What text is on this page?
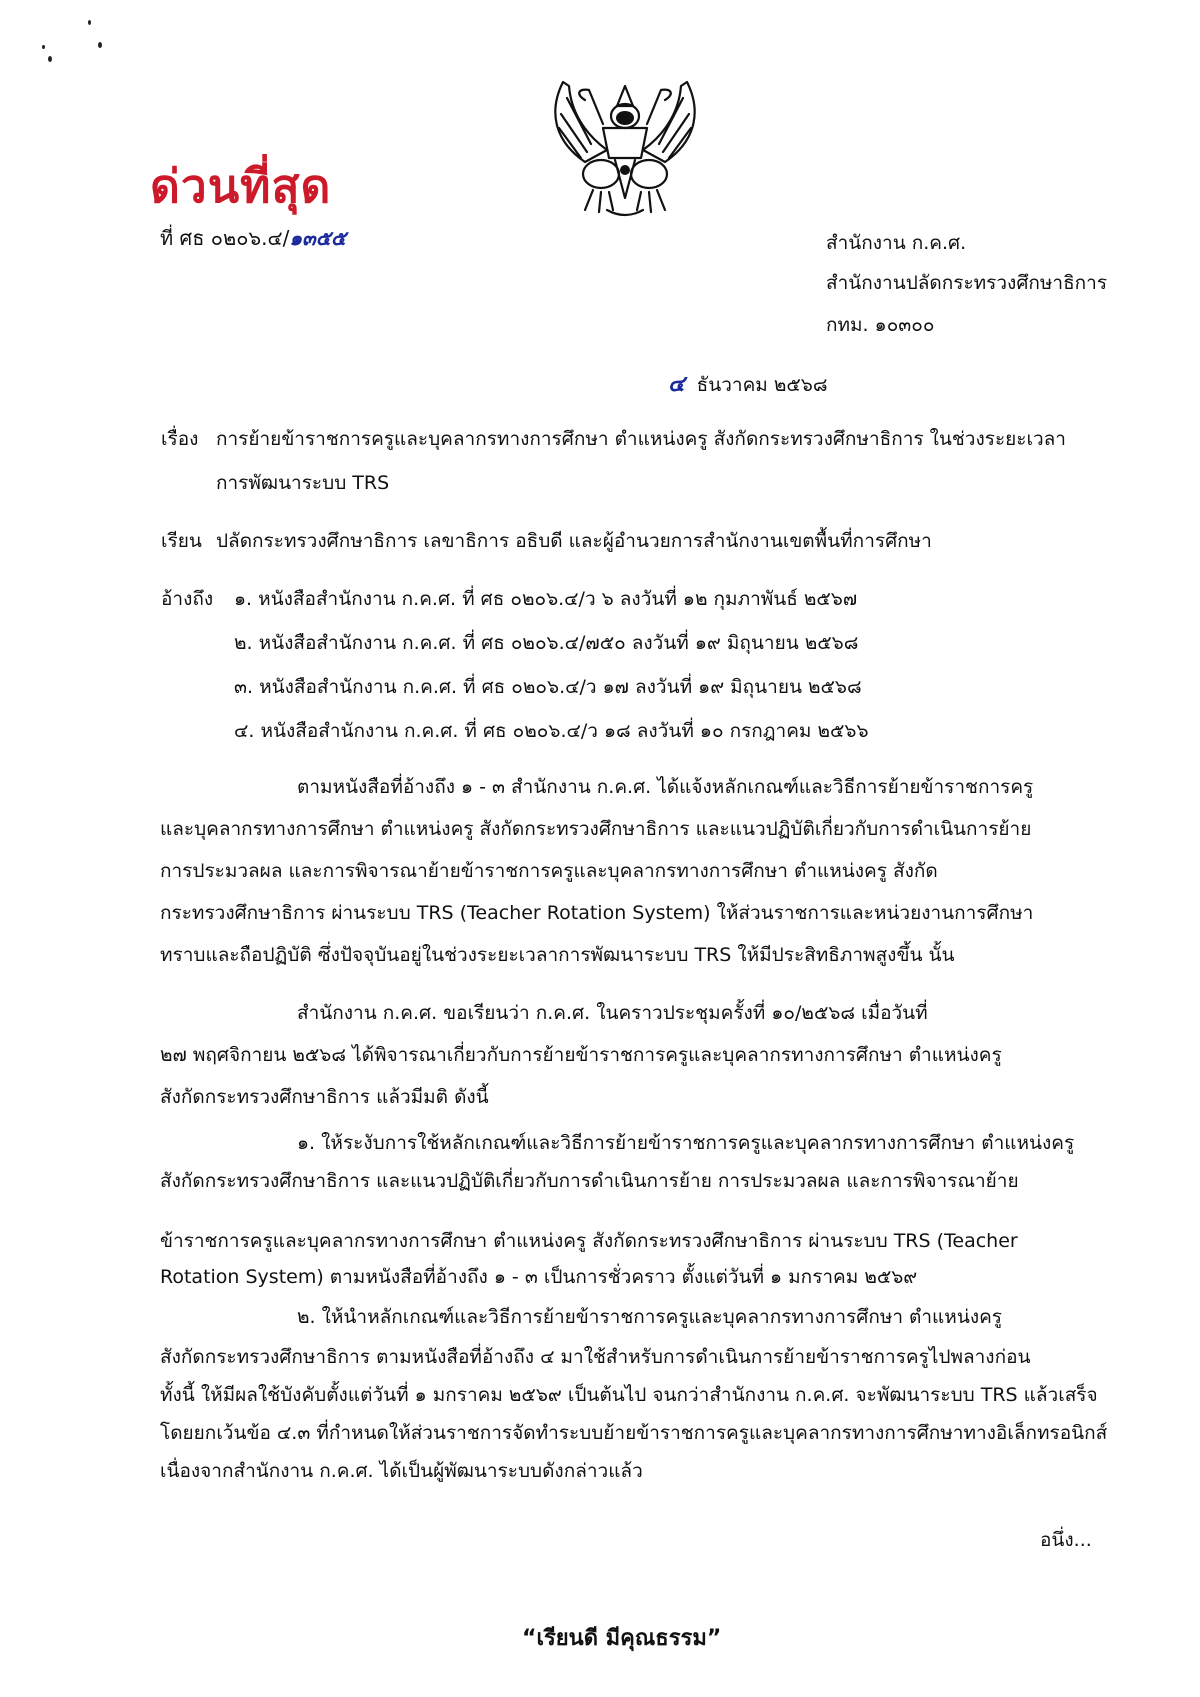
ด่วนที่สุด
ที่ ศธ ๐๒๐๖.๔/๑๓๕๕	สำนักงาน ก.ค.ศ.
สำนักงานปลัดกระทรวงศึกษาธิการ
กทม. ๑๐๓๐๐
๔ ธันวาคม ๒๕๖๘
เรื่อง การย้ายข้าราชการครูและบุคลากรทางการศึกษา ตำแหน่งครู สังกัดกระทรวงศึกษาธิการ ในช่วงระยะเวลา
การพัฒนาระบบ TRS
เรียน ปลัดกระทรวงศึกษาธิการ เลขาธิการ อธิบดี และผู้อำนวยการสำนักงานเขตพื้นที่การศึกษา
อ้างถึง ๑. หนังสือสำนักงาน ก.ค.ศ. ที่ ศธ ๐๒๐๖.๔/ว ๖ ลงวันที่ ๑๒ กุมภาพันธ์ ๒๕๖๗
๒. หนังสือสำนักงาน ก.ค.ศ. ที่ ศธ ๐๒๐๖.๔/๗๕๐ ลงวันที่ ๑๙ มิถุนายน ๒๕๖๘
๓. หนังสือสำนักงาน ก.ค.ศ. ที่ ศธ ๐๒๐๖.๔/ว ๑๗ ลงวันที่ ๑๙ มิถุนายน ๒๕๖๘
๔. หนังสือสำนักงาน ก.ค.ศ. ที่ ศธ ๐๒๐๖.๔/ว ๑๘ ลงวันที่ ๑๐ กรกฎาคม ๒๕๖๖
ตามหนังสือที่อ้างถึง ๑ - ๓ สำนักงาน ก.ค.ศ. ได้แจ้งหลักเกณฑ์และวิธีการย้ายข้าราชการครู
และบุคลากรทางการศึกษา ตำแหน่งครู สังกัดกระทรวงศึกษาธิการ และแนวปฏิบัติเกี่ยวกับการดำเนินการย้าย
การประมวลผล และการพิจารณาย้ายข้าราชการครูและบุคลากรทางการศึกษา ตำแหน่งครู สังกัด
กระทรวงศึกษาธิการ ผ่านระบบ TRS (Teacher Rotation System) ให้ส่วนราชการและหน่วยงานการศึกษา
ทราบและถือปฏิบัติ ซึ่งปัจจุบันอยู่ในช่วงระยะเวลาการพัฒนาระบบ TRS ให้มีประสิทธิภาพสูงขึ้น นั้น
สำนักงาน ก.ค.ศ. ขอเรียนว่า ก.ค.ศ. ในคราวประชุมครั้งที่ ๑๐/๒๕๖๘ เมื่อวันที่
๒๗ พฤศจิกายน ๒๕๖๘ ได้พิจารณาเกี่ยวกับการย้ายข้าราชการครูและบุคลากรทางการศึกษา ตำแหน่งครู
สังกัดกระทรวงศึกษาธิการ แล้วมีมติ ดังนี้
๑. ให้ระงับการใช้หลักเกณฑ์และวิธีการย้ายข้าราชการครูและบุคลากรทางการศึกษา ตำแหน่งครู
สังกัดกระทรวงศึกษาธิการ และแนวปฏิบัติเกี่ยวกับการดำเนินการย้าย การประมวลผล และการพิจารณาย้าย
ข้าราชการครูและบุคลากรทางการศึกษา ตำแหน่งครู สังกัดกระทรวงศึกษาธิการ ผ่านระบบ TRS (Teacher
Rotation System) ตามหนังสือที่อ้างถึง ๑ - ๓ เป็นการชั่วคราว ตั้งแต่วันที่ ๑ มกราคม ๒๕๖๙
๒. ให้นำหลักเกณฑ์และวิธีการย้ายข้าราชการครูและบุคลากรทางการศึกษา ตำแหน่งครู
สังกัดกระทรวงศึกษาธิการ ตามหนังสือที่อ้างถึง ๔ มาใช้สำหรับการดำเนินการย้ายข้าราชการครูไปพลางก่อน
ทั้งนี้ ให้มีผลใช้บังคับตั้งแต่วันที่ ๑ มกราคม ๒๕๖๙ เป็นต้นไป จนกว่าสำนักงาน ก.ค.ศ. จะพัฒนาระบบ TRS แล้วเสร็จ
โดยยกเว้นข้อ ๔.๓ ที่กำหนดให้ส่วนราชการจัดทำระบบย้ายข้าราชการครูและบุคลากรทางการศึกษาทางอิเล็กทรอนิกส์
เนื่องจากสำนักงาน ก.ค.ศ. ได้เป็นผู้พัฒนาระบบดังกล่าวแล้ว
อนึ่ง...
“เรียนดี มีคุณธรรม”
